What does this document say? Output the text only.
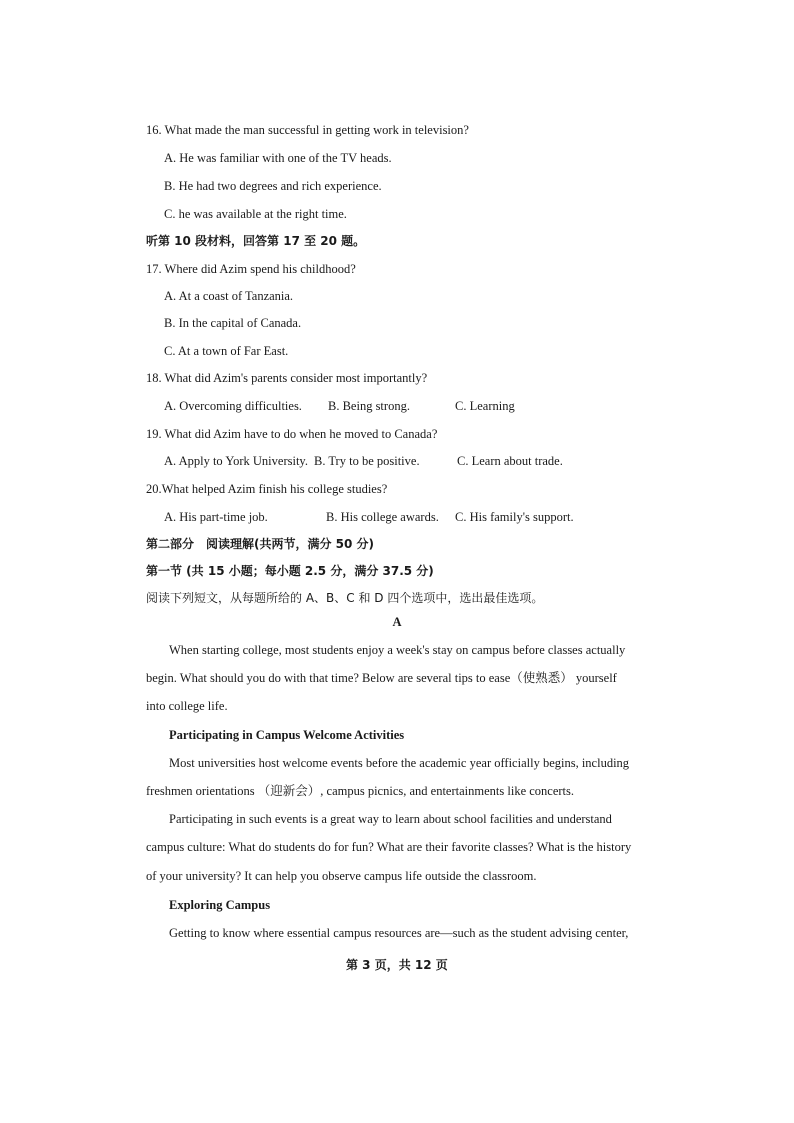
16. What made the man successful in getting work in television?
A. He was familiar with one of the TV heads.
B. He had two degrees and rich experience.
C. he was available at the right time.
听第 10 段材料，回答第 17 至 20 题。
17. Where did Azim spend his childhood?
A. At a coast of Tanzania.
B. In the capital of Canada.
C. At a town of Far East.
18. What did Azim's parents consider most importantly?
A. Overcoming difficulties. B. Being strong.	C. Learning
19. What did Azim have to do when he moved to Canada?
A. Apply to York University. B. Try to be positive.	C. Learn about trade.
20.What helped Azim finish his college studies?
A. His part-time job.	B. His college awards. C. His family's support.
第二部分　阅读理解(共两节，满分 50 分)
第一节 (共 15 小题；每小题 2.5 分，满分 37.5 分)
阅读下列短文，从每题所给的 A、B、C 和 D 四个选项中，选出最佳选项。
A
When starting college, most students enjoy a week's stay on campus before classes actually
begin. What should you do with that time? Below are several tips to ease（使熟悉） yourself
into college life.
Participating in Campus Welcome Activities
Most universities host welcome events before the academic year officially begins, including
freshmen orientations （迎新会）, campus picnics, and entertainments like concerts.
Participating in such events is a great way to learn about school facilities and understand
campus culture: What do students do for fun? What are their favorite classes? What is the history
of your university? It can help you observe campus life outside the classroom.
Exploring Campus
Getting to know where essential campus resources are—such as the student advising center,
第 3 页，共 12 页
